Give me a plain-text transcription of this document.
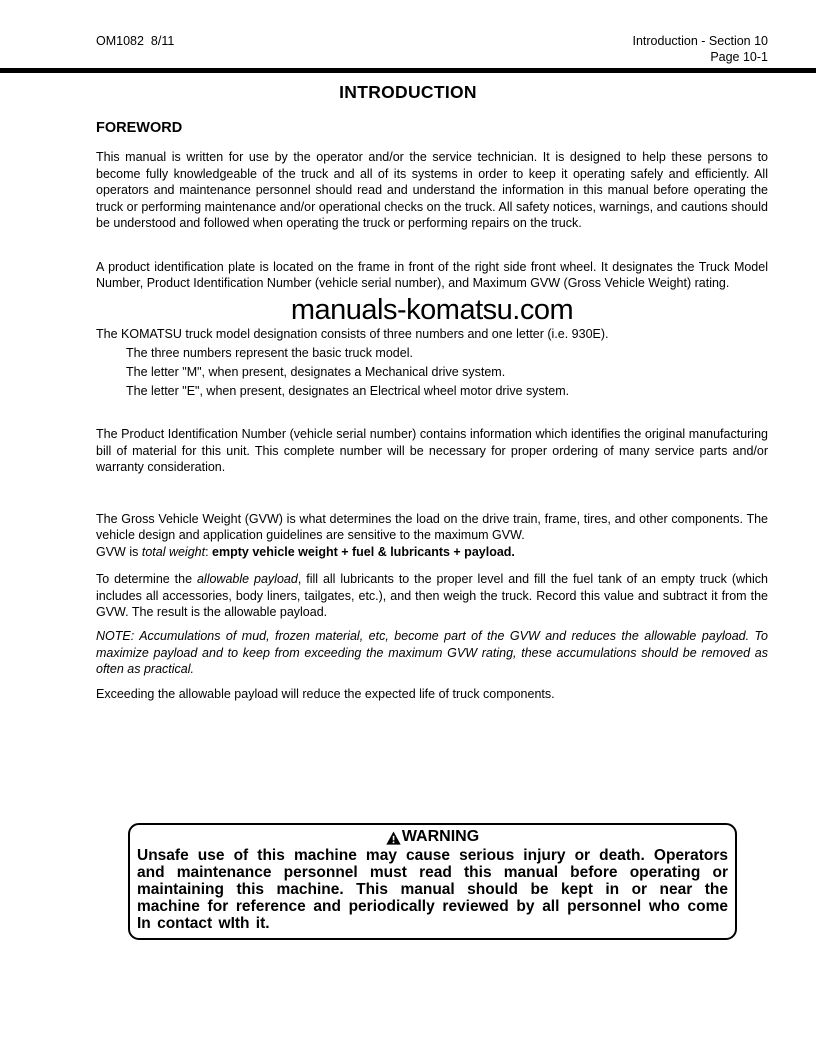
OM1082  8/11	Introduction - Section 10
Page 10-1
INTRODUCTION
FOREWORD

This manual is written for use by the operator and/or the service technician. It is designed to help these persons to become fully knowledgeable of the truck and all of its systems in order to keep it operating safely and efficiently. All operators and maintenance personnel should read and understand the information in this manual before operating the truck or performing maintenance and/or operational checks on the truck. All safety notices, warnings, and cautions should be understood and followed when operating the truck or performing repairs on the truck.

A product identification plate is located on the frame in front of the right side front wheel. It designates the Truck Model Number, Product Identification Number (vehicle serial number), and Maximum GVW (Gross Vehicle Weight) rating.

manuals-komatsu.com

The KOMATSU truck model designation consists of three numbers and one letter (i.e. 930E).

The three numbers represent the basic truck model.

The letter "M", when present, designates a Mechanical drive system.

The letter "E", when present, designates an Electrical wheel motor drive system.

The Product Identification Number (vehicle serial number) contains information which identifies the original manufacturing bill of material for this unit. This complete number will be necessary for proper ordering of many service parts and/or warranty consideration.

The Gross Vehicle Weight (GVW) is what determines the load on the drive train, frame, tires, and other components. The vehicle design and application guidelines are sensitive to the maximum GVW.

GVW is total weight: empty vehicle weight + fuel & lubricants + payload.

To determine the allowable payload, fill all lubricants to the proper level and fill the fuel tank of an empty truck (which includes all accessories, body liners, tailgates, etc.), and then weigh the truck. Record this value and subtract it from the GVW. The result is the allowable payload.

NOTE: Accumulations of mud, frozen material, etc, become part of the GVW and reduces the allowable payload. To maximize payload and to keep from exceeding the maximum GVW rating, these accumulations should be removed as often as practical.

Exceeding the allowable payload will reduce the expected life of truck components.

WARNING
Unsafe use of this machine may cause serious injury or death. Operators and maintenance personnel must read this manual before operating or maintaining this machine. This manual should be kept in or near the machine for reference and periodically reviewed by all personnel who come In contact wIth it.
